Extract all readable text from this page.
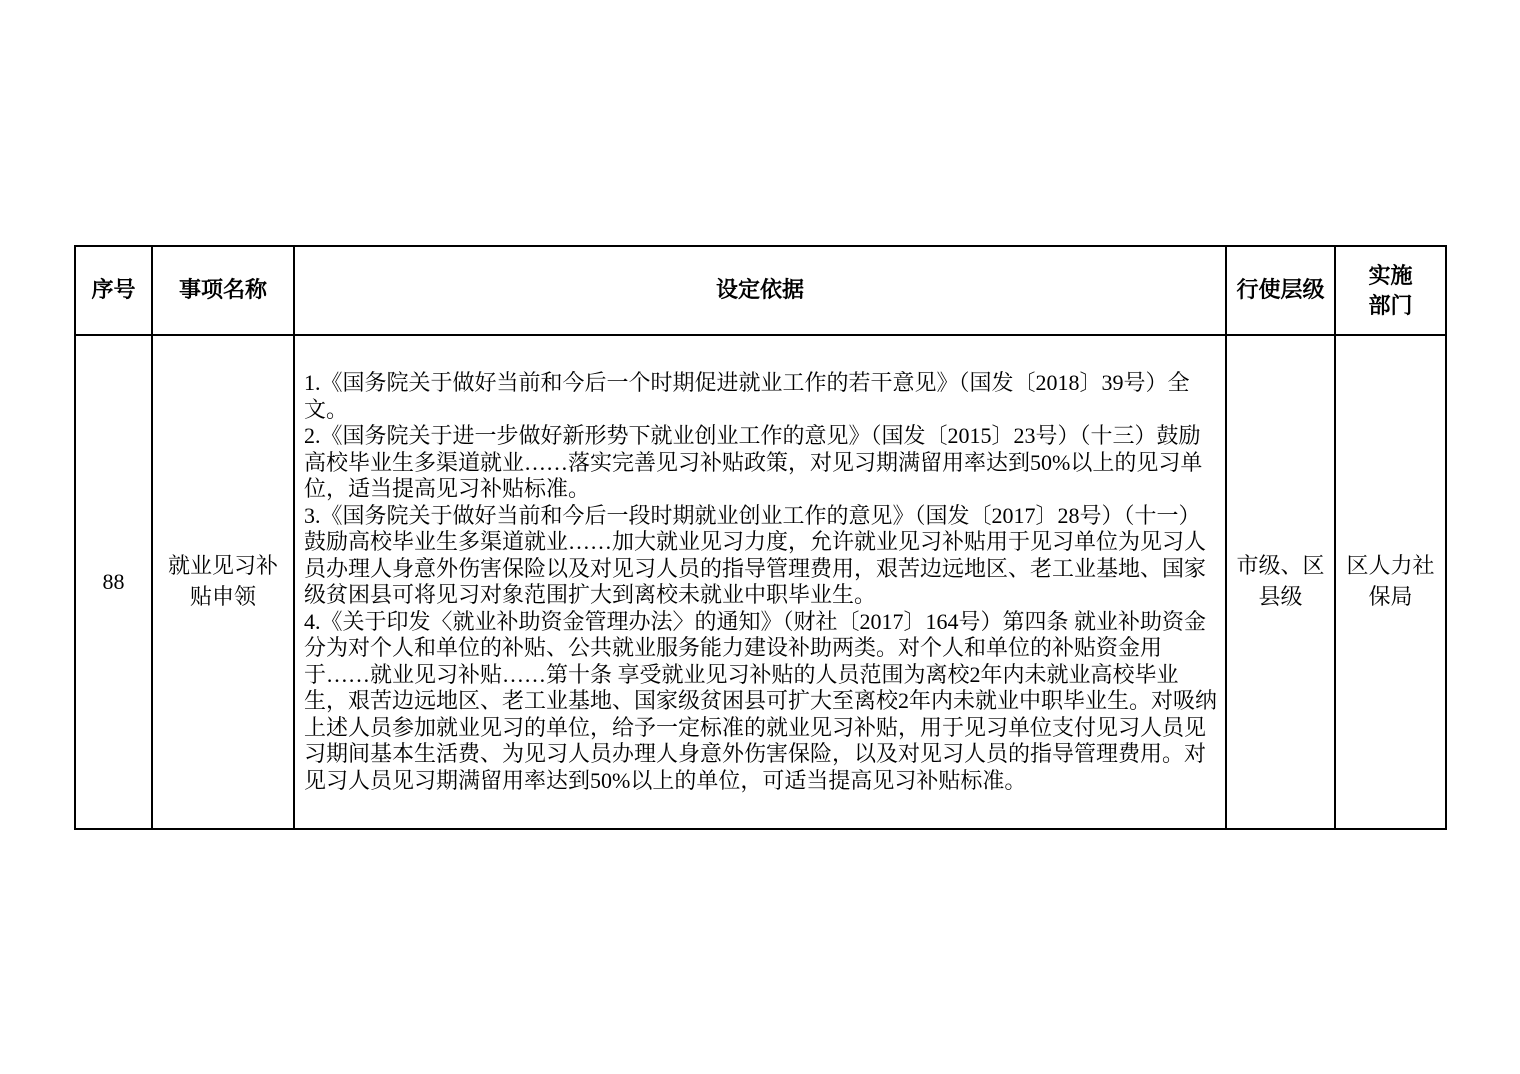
序号	事项名称	设定依据	行使层级	实施部门
88	就业见习补贴申领	1.《国务院关于做好当前和今后一个时期促进就业工作的若干意见》（国发〔2018〕39号）全文。

2.《国务院关于进一步做好新形势下就业创业工作的意见》（国发〔2015〕23号）（十三）鼓励高校毕业生多渠道就业……落实完善见习补贴政策，对见习期满留用率达到50%以上的见习单位，适当提高见习补贴标准。

3.《国务院关于做好当前和今后一段时期就业创业工作的意见》（国发〔2017〕28号）（十一）鼓励高校毕业生多渠道就业……加大就业见习力度，允许就业见习补贴用于见习单位为见习人员办理人身意外伤害保险以及对见习人员的指导管理费用，艰苦边远地区、老工业基地、国家级贫困县可将见习对象范围扩大到离校未就业中职毕业生。

4.《关于印发〈就业补助资金管理办法〉的通知》（财社〔2017〕164号）第四条 就业补助资金分为对个人和单位的补贴、公共就业服务能力建设补助两类。对个人和单位的补贴资金用于……就业见习补贴……第十条 享受就业见习补贴的人员范围为离校2年内未就业高校毕业生，艰苦边远地区、老工业基地、国家级贫困县可扩大至离校2年内未就业中职毕业生。对吸纳上述人员参加就业见习的单位，给予一定标准的就业见习补贴，用于见习单位支付见习人员见习期间基本生活费、为见习人员办理人身意外伤害保险，以及对见习人员的指导管理费用。对见习人员见习期满留用率达到50%以上的单位，可适当提高见习补贴标准。	市级、区县级	区人力社保局
